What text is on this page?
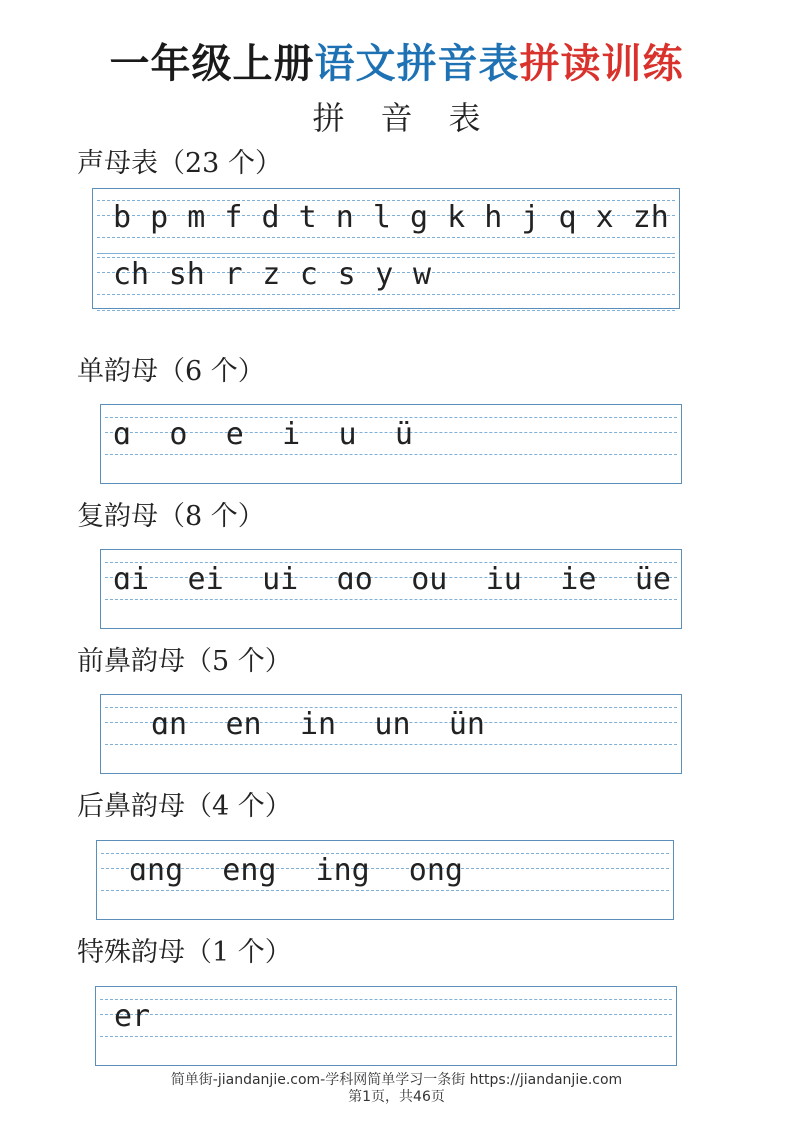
一年级上册语文拼音表拼读训练
拼音表
声母表（23 个）
b p m f d t n l g k h j q x zh
ch sh r z c s y w
单韵母（6 个）
ɑ o e i u ü
复韵母（8 个）
ɑi ei ui ɑo ou iu ie üe
前鼻韵母（5 个）
ɑn en in un ün
后鼻韵母（4 个）
ɑng eng ing ong
特殊韵母（1 个）
er
简单街-jiandanjie.com-学科网简单学习一条街 https://jiandanjie.com
第1页，共46页
